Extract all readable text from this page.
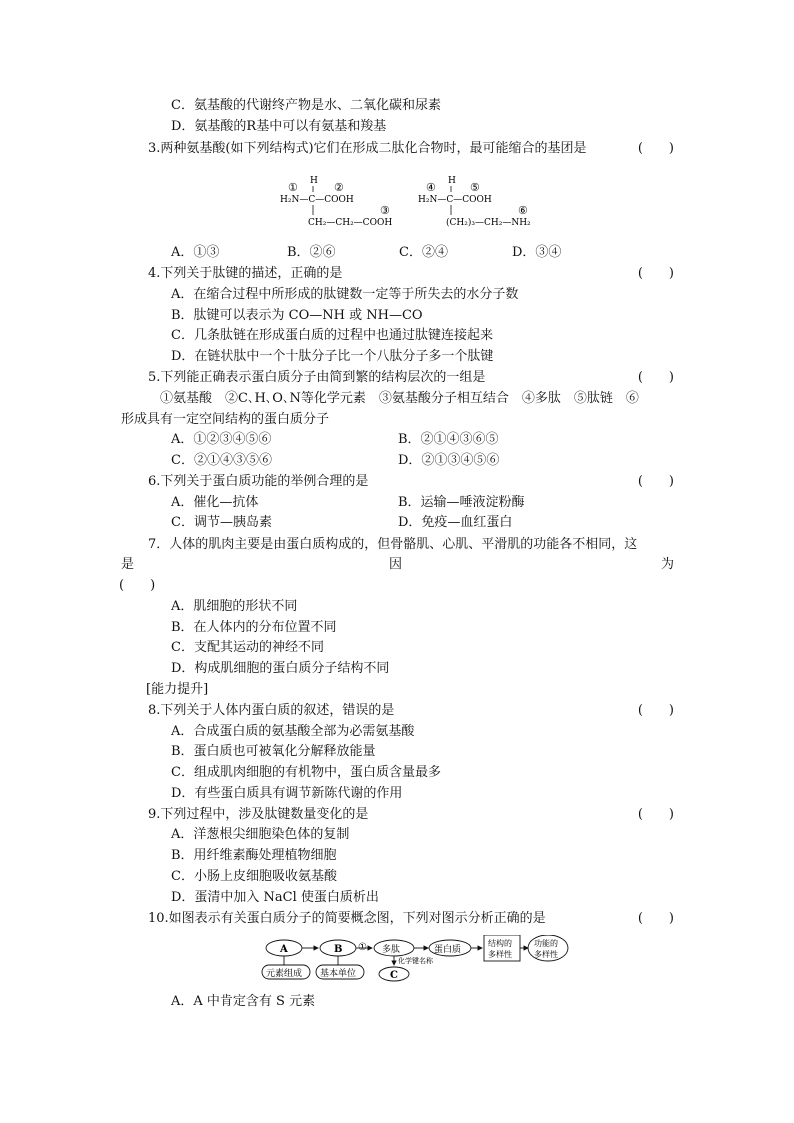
C．氨基酸的代谢终产物是水、二氧化碳和尿素
D．氨基酸的R基中可以有氨基和羧基
3.两种氨基酸(如下列结构式)它们在形成二肽化合物时，最可能缩合的基团是	(　　)
①	②
H
H₂N—C—COOH
③
CH₂—CH₂—COOH
④	⑤
H
H₂N—C—COOH
⑥
(CH₂)₃—CH₂—NH₂
A．①③	B．②⑥	C．②④	D．③④
4.下列关于肽键的描述，正确的是	(　　)
A．在缩合过程中所形成的肽键数一定等于所失去的水分子数
B．肽键可以表示为 CO—NH 或 NH—CO
C．几条肽链在形成蛋白质的过程中也通过肽键连接起来
D．在链状肽中一个十肽分子比一个八肽分子多一个肽键
5.下列能正确表示蛋白质分子由简到繁的结构层次的一组是	(　　)
①氨基酸　②C､H､O､N等化学元素　③氨基酸分子相互结合　④多肽　⑤肽链　⑥
形成具有一定空间结构的蛋白质分子
A．①②③④⑤⑥	B．②①④③⑥⑤
C．②①④③⑤⑥	D．②①③④⑤⑥
6.下列关于蛋白质功能的举例合理的是	(　　)
A．催化—抗体	B．运输—唾液淀粉酶
C．调节—胰岛素	D．免疫—血红蛋白
7．人体的肌肉主要是由蛋白质构成的，但骨骼肌、心肌、平滑肌的功能各不相同，这
是	因	为
(　　)
A．肌细胞的形状不同
B．在人体内的分布位置不同
C．支配其运动的神经不同
D．构成肌细胞的蛋白质分子结构不同
[能力提升]
8.下列关于人体内蛋白质的叙述，错误的是	(　　)
A．合成蛋白质的氨基酸全部为必需氨基酸
B．蛋白质也可被氧化分解释放能量
C．组成肌肉细胞的有机物中，蛋白质含量最多
D．有些蛋白质具有调节新陈代谢的作用
9.下列过程中，涉及肽键数量变化的是	(　　)
A．洋葱根尖细胞染色体的复制
B．用纤维素酶处理植物细胞
C．小肠上皮细胞吸收氨基酸
D．蛋清中加入 NaCl 使蛋白质析出
10.如图表示有关蛋白质分子的简要概念图，下列对图示分析正确的是	(　　)
A	B ①
元素组成 基本单位
多肽
化学键名称
C
蛋白质
结构的
多样性
功能的
多样性
A．A 中肯定含有 S 元素
